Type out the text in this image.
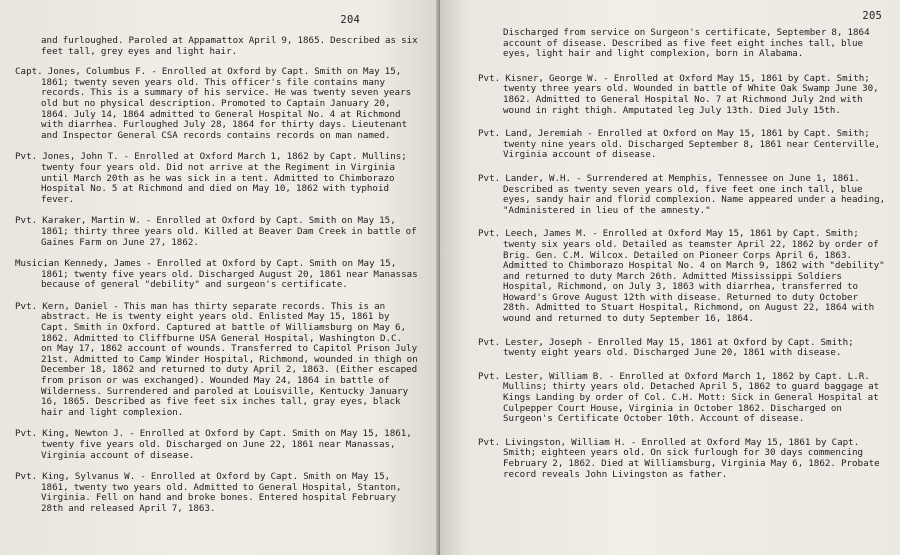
204
and furloughed. Paroled at Appamattox April 9, 1865. Described as six feet tall, grey eyes and light hair.
Capt. Jones, Columbus F. - Enrolled at Oxford by Capt. Smith on May 15, 1861; twenty seven years old. This officer's file contains many records. This is a summary of his service. He was twenty seven years old but no physical description. Promoted to Captain January 20, 1864. July 14, 1864 admitted to General Hospital No. 4 at Richmond with diarrhea. Furloughed July 28, 1864 for thirty days. Lieutenant and Inspector General CSA records contains records on man named.
Pvt. Jones, John T. - Enrolled at Oxford March 1, 1862 by Capt. Mullins; twenty four years old. Did not arrive at the Regiment in Virginia until March 20th as he was sick in a tent. Admitted to Chimborazo Hospital No. 5 at Richmond and died on May 10, 1862 with typhoid fever.
Pvt. Karaker, Martin W. - Enrolled at Oxford by Capt. Smith on May 15, 1861; thirty three years old. Killed at Beaver Dam Creek in battle of Gaines Farm on June 27, 1862.
Musician Kennedy, James - Enrolled at Oxford by Capt. Smith on May 15, 1861; twenty five years old. Discharged August 20, 1861 near Manassas because of general "debility" and surgeon's certificate.
Pvt. Kern, Daniel - This man has thirty separate records. This is an abstract. He is twenty eight years old. Enlisted May 15, 1861 by Capt. Smith in Oxford. Captured at battle of Williamsburg on May 6, 1862. Admitted to Cliffburne USA General Hospital, Washington D.C. on May 17, 1862 account of wounds. Transferred to Capitol Prison July 21st. Admitted to Camp Winder Hospital, Richmond, wounded in thigh on December 18, 1862 and returned to duty April 2, 1863. (Either escaped from prison or was exchanged). Wounded May 24, 1864 in battle of Wilderness. Surrendered and paroled at Louisville, Kentucky January 16, 1865. Described as five feet six inches tall, gray eyes, black hair and light complexion.
Pvt. King, Newton J. - Enrolled at Oxford by Capt. Smith on May 15, 1861, twenty five years old. Discharged on June 22, 1861 near Manassas, Virginia account of disease.
Pvt. King, Sylvanus W. - Enrolled at Oxford by Capt. Smith on May 15, 1861, twenty two years old. Admitted to General Hospital, Stanton, Virginia. Fell on hand and broke bones. Entered hospital February 28th and released April 7, 1863.
205
Discharged from service on Surgeon's certificate, September 8, 1864 account of disease. Described as five feet eight inches tall, blue eyes, light hair and light complexion, born in Alabama.
Pvt. Kisner, George W. - Enrolled at Oxford May 15, 1861 by Capt. Smith; twenty three years old. Wounded in battle of White Oak Swamp June 30, 1862. Admitted to General Hospital No. 7 at Richmond July 2nd with wound in right thigh. Amputated leg July 13th. Died July 15th.
Pvt. Land, Jeremiah - Enrolled at Oxford on May 15, 1861 by Capt. Smith; twenty nine years old. Discharged September 8, 1861 near Centerville, Virginia account of disease.
Pvt. Lander, W.H. - Surrendered at Memphis, Tennessee on June 1, 1861. Described as twenty seven years old, five feet one inch tall, blue eyes, sandy hair and florid complexion. Name appeared under a heading, "Administered in lieu of the amnesty."
Pvt. Leech, James M. - Enrolled at Oxford May 15, 1861 by Capt. Smith; twenty six years old. Detailed as teamster April 22, 1862 by order of Brig. Gen. C.M. Wilcox. Detailed on Pioneer Corps April 6, 1863. Admitted to Chimborazo Hospital No. 4 on March 9, 1862 with "debility" and returned to duty March 26th. Admitted Mississippi Soldiers Hospital, Richmond, on July 3, 1863 with diarrhea, transferred to Howard's Grove August 12th with disease. Returned to duty October 28th. Admitted to Stuart Hospital, Richmond, on August 22, 1864 with wound and returned to duty September 16, 1864.
Pvt. Lester, Joseph - Enrolled May 15, 1861 at Oxford by Capt. Smith; twenty eight years old. Discharged June 20, 1861 with disease.
Pvt. Lester, William B. - Enrolled at Oxford March 1, 1862 by Capt. L.R. Mullins; thirty years old. Detached April 5, 1862 to guard baggage at Kings Landing by order of Col. C.H. Mott: Sick in General Hospital at Culpepper Court House, Virginia in October 1862. Discharged on Surgeon's Certificate October 10th. Account of disease.
Pvt. Livingston, William H. - Enrolled at Oxford May 15, 1861 by Capt. Smith; eighteen years old. On sick furlough for 30 days commencing February 2, 1862. Died at Williamsburg, Virginia May 6, 1862. Probate record reveals John Livingston as father.
